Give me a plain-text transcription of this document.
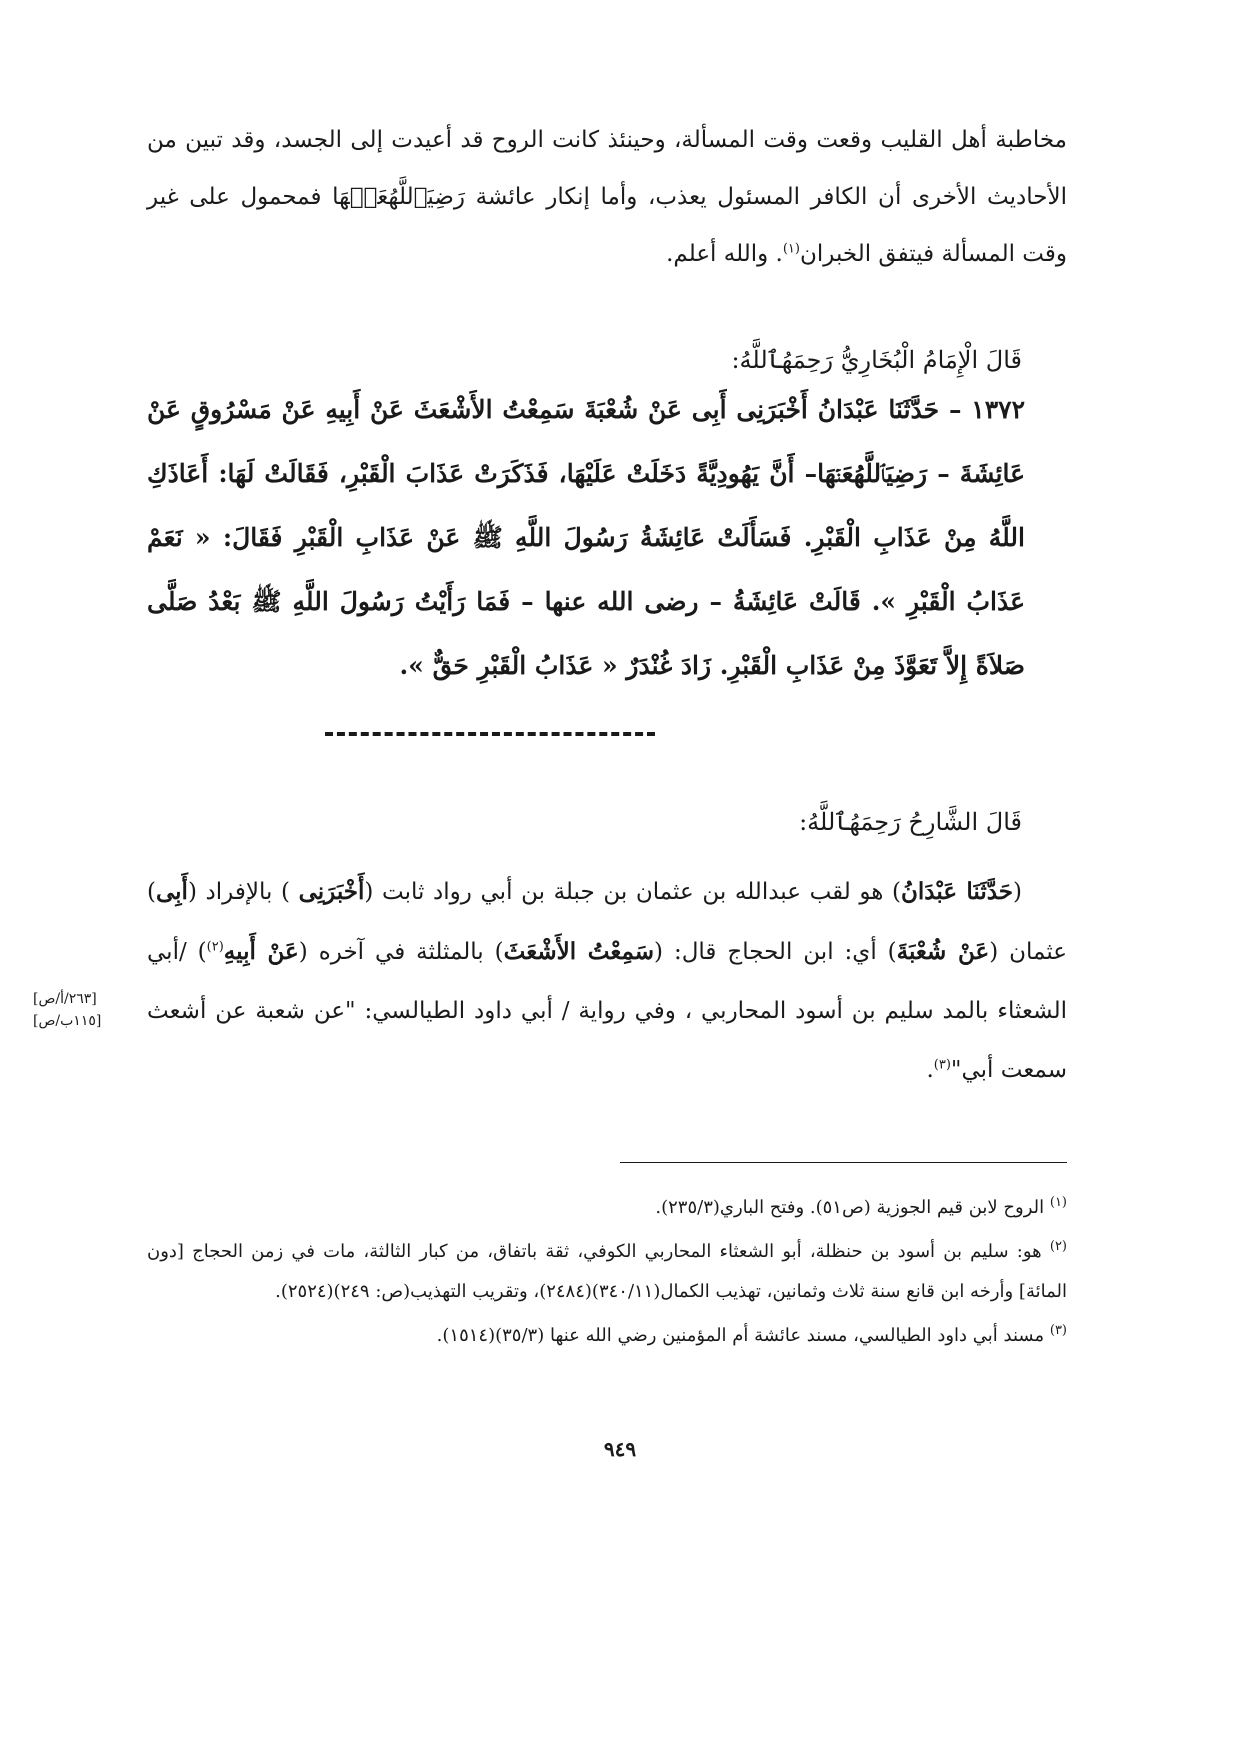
مخاطبة أهل القليب وقعت وقت المسألة، وحينئذ كانت الروح قد أعيدت إلى الجسد، وقد تبين من الأحاديث الأخرى أن الكافر المسئول يعذب، وأما إنكار عائشة رَضِيَٱللَّهُعَنۡهَا فمحمول على غير وقت المسألة فيتفق الخبران$^{(١)}$. والله أعلم.
قَالَ الْإِمَامُ الْبُخَارِيُّ رَحِمَهُٱللَّهُ:
١٣٧٢ – حَدَّثَنَا عَبْدَانُ أَخْبَرَنِى أَبِى عَنْ شُعْبَةَ سَمِعْتُ الأَشْعَثَ عَنْ أَبِيهِ عَنْ مَسْرُوقٍ عَنْ عَائِشَةَ – رَضِيَٱللَّهُعَنۡهَا– أَنَّ يَهُودِيَّةً دَخَلَتْ عَلَيْهَا، فَذَكَرَتْ عَذَابَ الْقَبْرِ، فَقَالَتْ لَهَا: أَعَاذَكِ اللَّهُ مِنْ عَذَابِ الْقَبْرِ. فَسَأَلَتْ عَائِشَةُ رَسُولَ اللَّهِ ﷺ عَنْ عَذَابِ الْقَبْرِ فَقَالَ: « نَعَمْ عَذَابُ الْقَبْرِ ». قَالَتْ عَائِشَةُ – رضى الله عنها – فَمَا رَأَيْتُ رَسُولَ اللَّهِ ﷺ بَعْدُ صَلَّى صَلاَةً إِلاَّ تَعَوَّذَ مِنْ عَذَابِ الْقَبْرِ. زَادَ غُنْدَرٌ « عَذَابُ الْقَبْرِ حَقٌّ ».
قَالَ الشَّارِحُ رَحِمَهُٱللَّهُ:

(حَدَّثَنَا عَبْدَانُ) هو لقب عبدالله بن عثمان بن جبلة بن أبي رواد ثابت (أَخْبَرَنِى ) بالإفراد (أَبِى) عثمان (عَنْ شُعْبَةَ) أي: ابن الحجاج قال: (سَمِعْتُ الأَشْعَثَ) بالمثلثة في آخره (عَنْ أَبِيهِ$^{(٢)}$) /أبي الشعثاء بالمد سليم بن أسود المحاربي ، وفي رواية / أبي داود الطيالسي: "عن شعبة عن أشعث سمعت أبي"$^{(٣)}$.

[٢٦٣/أ/ص]
[١١٥ب/ص]

$^{(١)}$ الروح لابن قيم الجوزية (ص٥١). وفتح الباري(٢٣٥/٣).

$^{(٢)}$ هو: سليم بن أسود بن حنظلة، أبو الشعثاء المحاربي الكوفي، ثقة باتفاق، من كبار الثالثة، مات في زمن الحجاج [دون المائة] وأرخه ابن قانع سنة ثلاث وثمانين، تهذيب الكمال(٣٤٠/١١)(٢٤٨٤)، وتقريب التهذيب(ص: ٢٤٩)(٢٥٢٤).

$^{(٣)}$ مسند أبي داود الطيالسي، مسند عائشة أم المؤمنين رضي الله عنها (٣٥/٣)(١٥١٤).

٩٤٩
